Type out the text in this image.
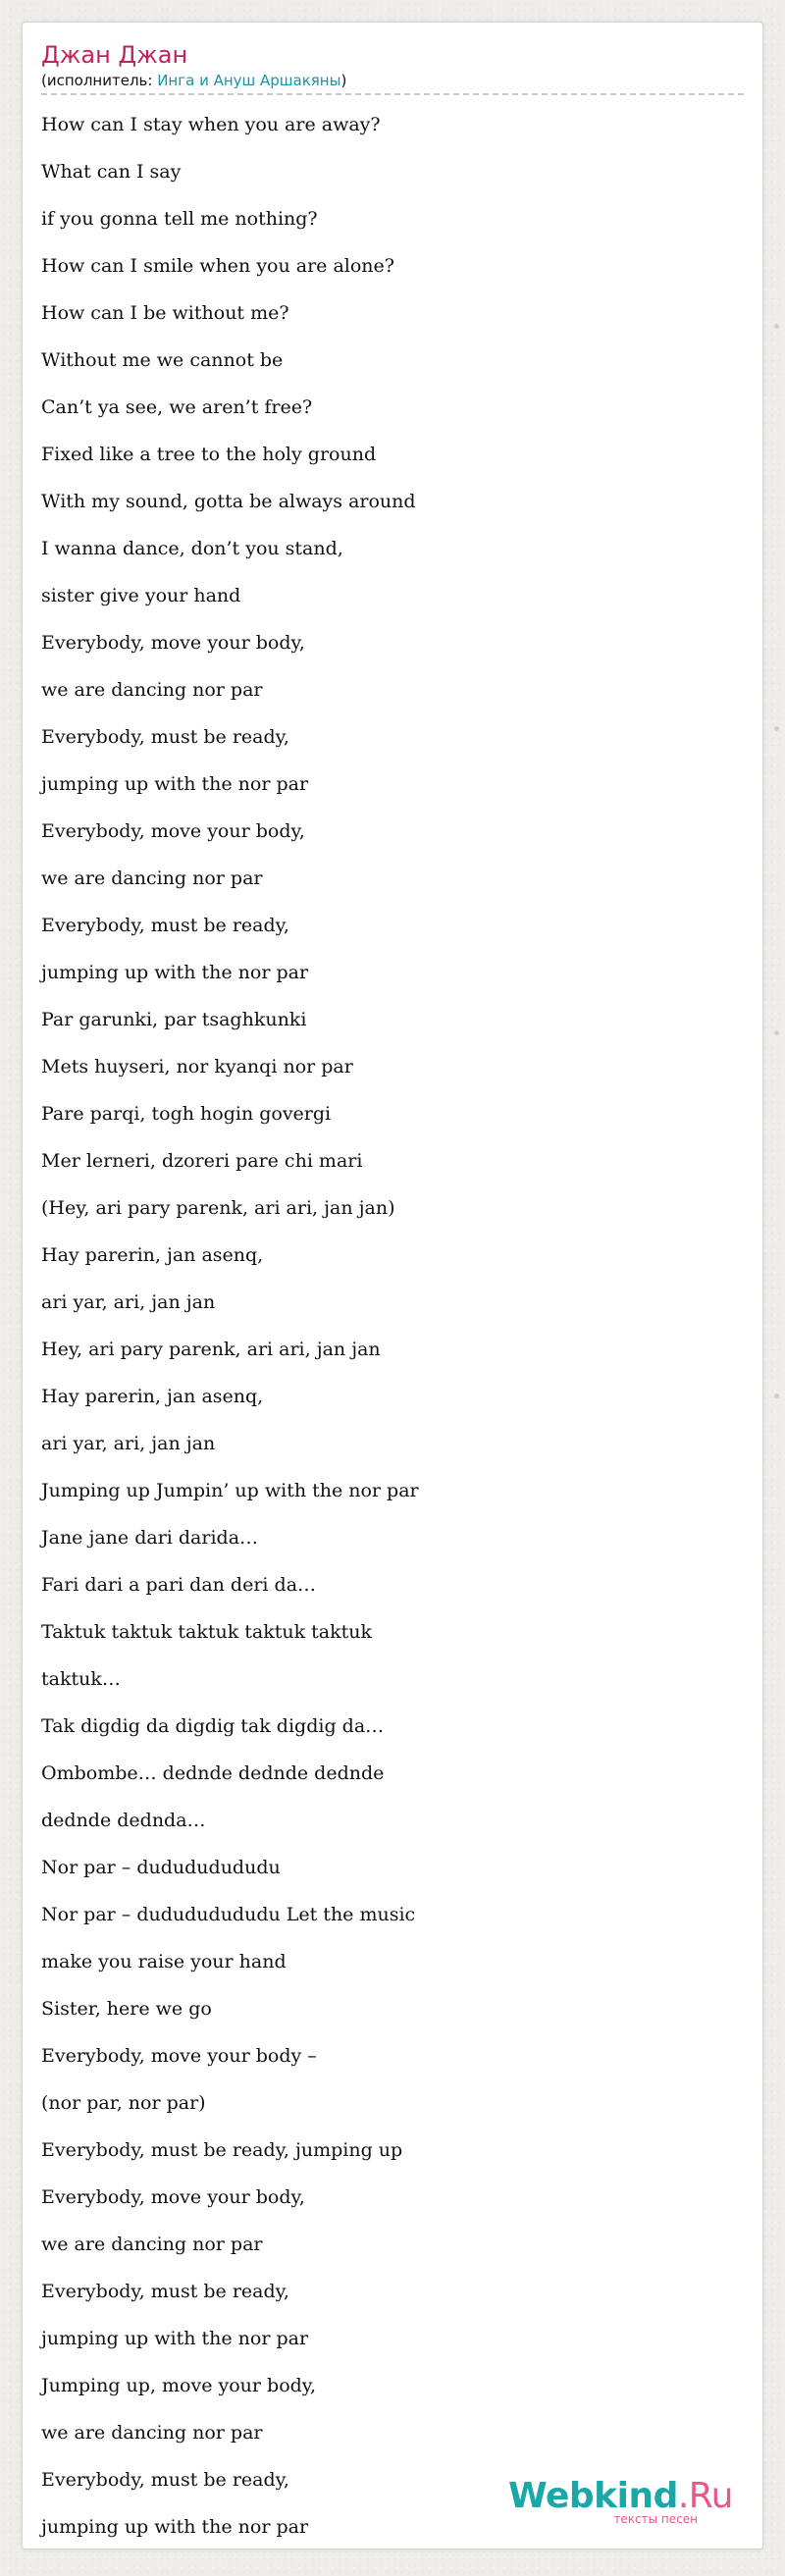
Джан Джан
(исполнитель: Инга и Ануш Аршакяны)
How can I stay when you are away?
What can I say
if you gonna tell me nothing?
How can I smile when you are alone?
How can I be without me?
Without me we cannot be
Can’t ya see, we aren’t free?
Fixed like a tree to the holy ground
With my sound, gotta be always around
I wanna dance, don’t you stand,
sister give your hand
Everybody, move your body,
we are dancing nor par
Everybody, must be ready,
jumping up with the nor par
Everybody, move your body,
we are dancing nor par
Everybody, must be ready,
jumping up with the nor par
Par garunki, par tsaghkunki
Mets huyseri, nor kyanqi nor par
Pare parqi, togh hogin govergi
Mer lerneri, dzoreri pare chi mari
(Hey, ari pary parenk, ari ari, jan jan)
Hay parerin, jan asenq,
ari yar, ari, jan jan
Hey, ari pary parenk, ari ari, jan jan
Hay parerin, jan asenq,
ari yar, ari, jan jan
Jumping up Jumpin’ up with the nor par
Jane jane dari darida…
Fari dari a pari dan deri da…
Taktuk taktuk taktuk taktuk taktuk
taktuk…
Tak digdig da digdig tak digdig da…
Ombombe… dednde dednde dednde
dednde dednda…
Nor par – dudududududu
Nor par – dudududududu Let the music
make you raise your hand
Sister, here we go
Everybody, move your body –
(nor par, nor par)
Everybody, must be ready, jumping up
Everybody, move your body,
we are dancing nor par
Everybody, must be ready,
jumping up with the nor par
Jumping up, move your body,
we are dancing nor par
Everybody, must be ready,
jumping up with the nor par
Webkind.Ru
тексты песен
